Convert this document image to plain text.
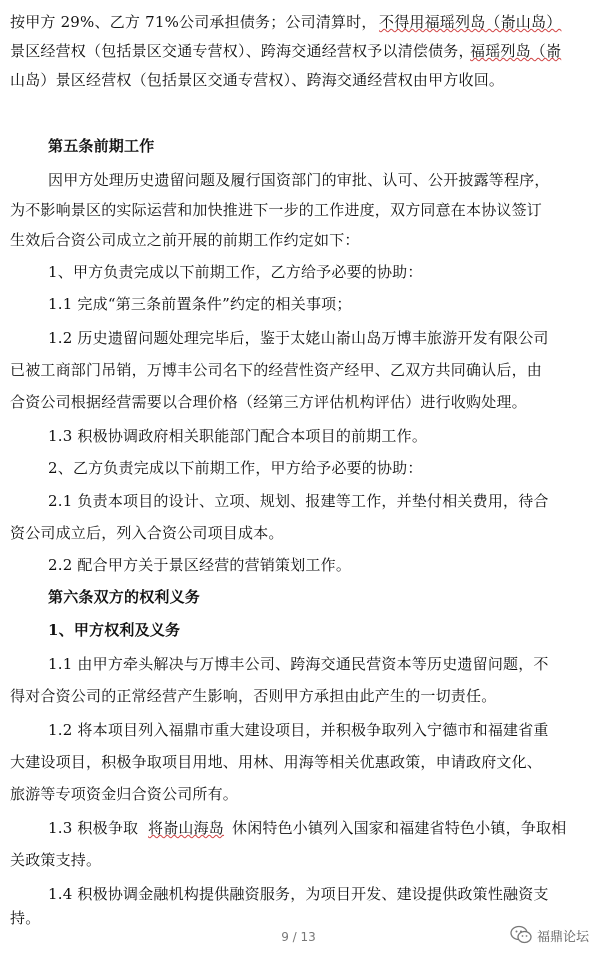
按甲方 29%、乙方 71%公司承担债务；公司清算时， 不得用福瑶列岛（嵛山岛）
景区经营权（包括景区交通专营权）、跨海交通经营权予以清偿债务，
福瑶列岛（嵛
山岛）景区经营权（包括景区交通专营权）、跨海交通经营权由甲方收回。
第五条前期工作
因甲方处理历史遗留问题及履行国资部门的审批、认可、公开披露等程序，
为不影响景区的实际运营和加快推进下一步的工作进度，双方同意在本协议签订
生效后合资公司成立之前开展的前期工作约定如下：
1、甲方负责完成以下前期工作，乙方给予必要的协助：
1.1 完成“第三条前置条件”约定的相关事项；
1.2 历史遗留问题处理完毕后，鉴于太姥山嵛山岛万博丰旅游开发有限公司
已被工商部门吊销，万博丰公司名下的经营性资产经甲、乙双方共同确认后，由
合资公司根据经营需要以合理价格（经第三方评估机构评估）进行收购处理。
1.3 积极协调政府相关职能部门配合本项目的前期工作。
2、乙方负责完成以下前期工作，甲方给予必要的协助：
2.1 负责本项目的设计、立项、规划、报建等工作，并垫付相关费用，待合
资公司成立后，列入合资公司项目成本。
2.2 配合甲方关于景区经营的营销策划工作。
第六条双方的权利义务
1、甲方权利及义务
1.1 由甲方牵头解决与万博丰公司、跨海交通民营资本等历史遗留问题，不
得对合资公司的正常经营产生影响，否则甲方承担由此产生的一切责任。
1.2 将本项目列入福鼎市重大建设项目，并积极争取列入宁德市和福建省重
大建设项目，积极争取项目用地、用林、用海等相关优惠政策，申请政府文化、
旅游等专项资金归合资公司所有。
1.3 积极争取 将嵛山海岛 休闲特色小镇列入国家和福建省特色小镇，争取相
关政策支持。
1.4 积极协调金融机构提供融资服务，为项目开发、建设提供政策性融资支
持。
9 / 13	福鼎论坛
